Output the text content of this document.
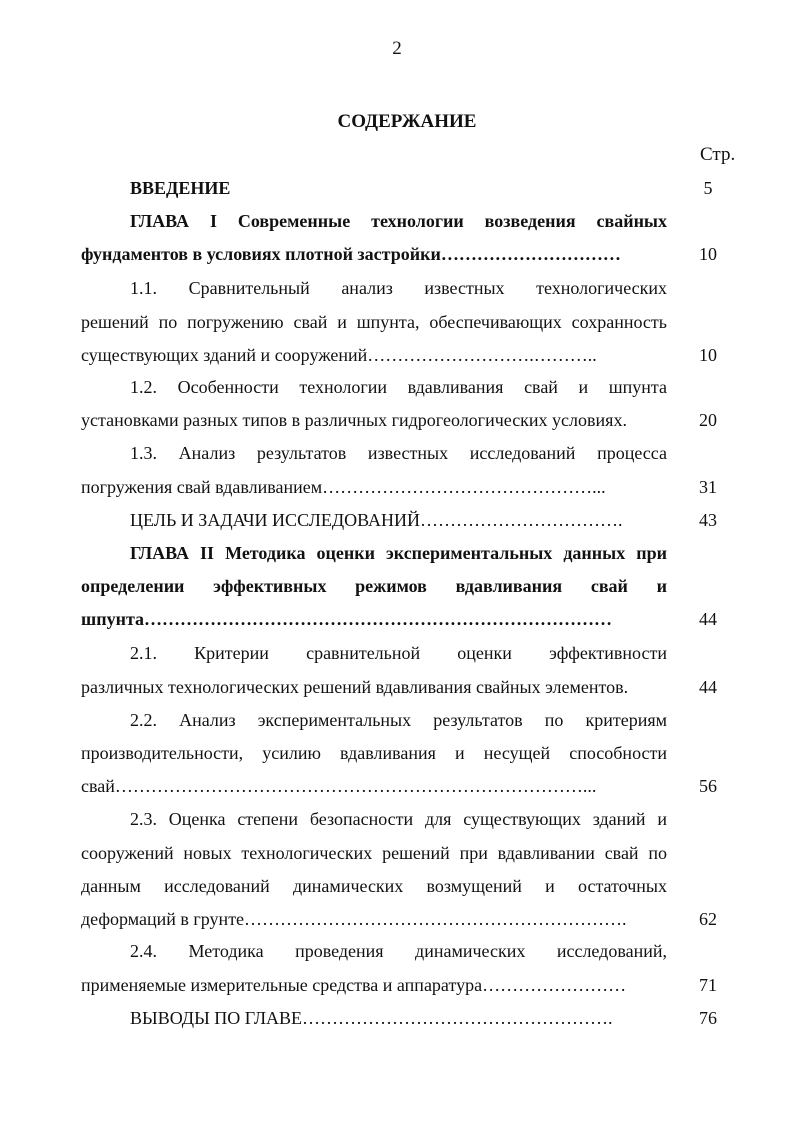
2
СОДЕРЖАНИЕ
Стр.
ВВЕДЕНИЕ	5
ГЛАВА I Современные технологии возведения свайных
фундаментов в условиях плотной застройки…………………………	10
1.1. Сравнительный анализ известных технологических
решений по погружению свай и шпунта, обеспечивающих сохранность
существующих зданий и сооружений……………………….………..	10
1.2. Особенности технологии вдавливания свай и шпунта
установками разных типов в различных гидрогеологических условиях.	20
1.3. Анализ результатов известных исследований процесса
погружения свай вдавливанием………………………………………...	31
ЦЕЛЬ И ЗАДАЧИ ИССЛЕДОВАНИЙ…………………………….	43
ГЛАВА II Методика оценки экспериментальных данных при
определении эффективных режимов вдавливания свай и
шпунта……………………………………………………………………	44
2.1. Критерии сравнительной оценки эффективности
различных технологических решений вдавливания свайных элементов.	44
2.2. Анализ экспериментальных результатов по критериям
производительности, усилию вдавливания и несущей способности
свай……………………………………………………………………...	56
2.3. Оценка степени безопасности для существующих зданий и
сооружений новых технологических решений при вдавливании свай по
данным исследований динамических возмущений и остаточных
деформаций в грунте……………………………………………………….	62
2.4. Методика проведения динамических исследований,
применяемые измерительные средства и аппаратура……………………	71
ВЫВОДЫ ПО ГЛАВЕ…………………………………………….	76
